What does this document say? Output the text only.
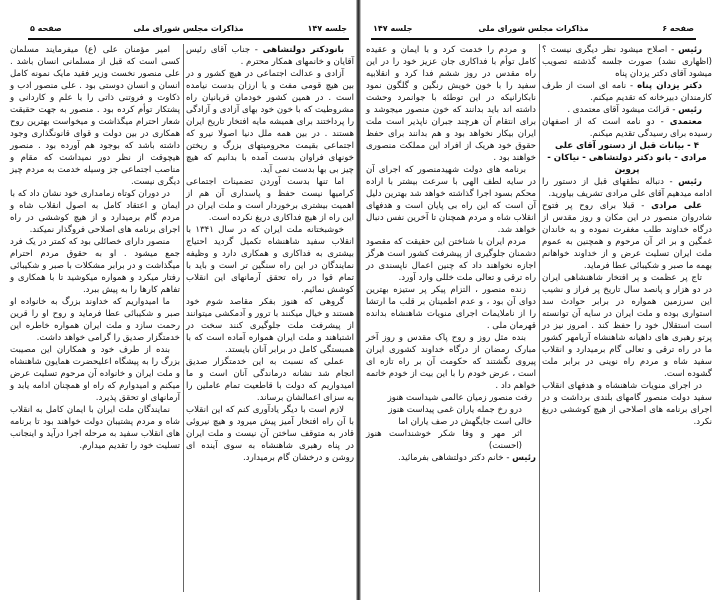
جلسه ۱۴۷
مذاکرات مجلس شورای ملی
صفحه ۵

بانودکتر دولتشاهی - جناب آقای رئیس آقایان و خانمهای همکار محترم .

آزادی و عدالت اجتماعی در هیچ کشور و در بین هیچ قومی مفت و یا ارزان بدست نیامده است . در همین کشور خودمان قربانیان راه مشروطیت که با خون خود بهای آزادی و آزادگی را پرداختند برای همیشه مایه افتخار تاریخ ایران هستند . در بین همه ملل دنیا اصولا نیرو که اجتماعی بقیمت محرومیتهای بزرگ و ریختن خونهای فراوان بدست آمده با بدانیم که هیچ چیز بی بها بدست نمی آید.

اما تنها بدست آوردن تضمینات اجتماعی کرامیها نیست حفظ و پاسداری آن هم از اهمیت بیشتری برخوردار است و ملت ایران در این راه از هیچ فداکاری دریغ نکرده است.

خوشبختانه ملت ایران که در سال ۱۳۴۱ با انقلاب سفید شاهنشاه تکمیل گردید احتیاج بیشتری به فداکاری و همکاری دارد و وظیفه نمایندگان در این راه سنگین تر است و باید با تمام قوا در راه تحقق آرمانهای این انقلاب کوشش نمائیم.

گروهی که هنوز بفکر مقاصد شوم خود هستند و خیال میکنند با ترور و آدمکشی میتوانند از پیشرفت ملت جلوگیری کنند سخت در اشتباهند و ملت ایران همواره آماده است که با همبستگی کامل در برابر آنان بایستد.

عملی که نسبت به این خدمتگزار صدیق انجام شد نشانه درماندگی آنان است و ما امیدواریم که دولت با قاطعیت تمام عاملین را به سزای اعمالشان برساند.

لازم است با دیگر یادآوری کنم که این انقلاب با آن راه افتخار آمیز پیش میرود و هیچ نیروئی قادر به متوقف ساختن آن نیست و ملت ایران در پناه رهبری شاهنشاه به سوی آینده ای روشن و درخشان گام برمیدارد.

امیر مؤمنان علی (ع) میفرمایند مسلمان کسی است که قبل از مسلمانی انسان باشد . علی منصور نخست وزیر فقید مایک نمونه کامل انسان و انسان دوستی بود . علی منصور ادب و ذکاوت و فروتنی ذاتی را با علم و کاردانی و پشتکار توأم کرده بود . منصور به جهت حقیقت شعار احترام میگذاشت و میخواست بهترین روح همکاری در بین دولت و قوای قانونگذاری وجود داشته باشد که بوجود هم آورده بود . منصور هیچوقت از نظر دور نمیداشت که مقام و مناصب اجتماعی جز وسیله خدمت به مردم چیز دیگری نیست.

در دوران کوتاه زمامداری خود نشان داد که با ایمان و اعتقاد کامل به اصول انقلاب شاه و مردم گام برمیدارد و از هیچ کوششی در راه اجرای برنامه های اصلاحی فروگذار نمیکند.

منصور دارای خصائلی بود که کمتر در یک فرد جمع میشود . او به حقوق مردم احترام میگذاشت و در برابر مشکلات با صبر و شکیبائی رفتار میکرد و همواره میکوشید تا با همکاری و تفاهم کارها را به پیش ببرد.

ما امیدواریم که خداوند بزرگ به خانواده او صبر و شکیبائی عطا فرماید و روح او را قرین رحمت سازد و ملت ایران همواره خاطره این خدمتگزار صدیق را گرامی خواهد داشت.

بنده از طرف خود و همکاران این مصیبت بزرگ را به پیشگاه اعلیحضرت همایون شاهنشاه و ملت ایران و خانواده آن مرحوم تسلیت عرض میکنم و امیدوارم که راه او همچنان ادامه یابد و آرمانهای او تحقق پذیرد.

نمایندگان ملت ایران با ایمان کامل به انقلاب شاه و مردم پشتیبان دولت خواهند بود تا برنامه های انقلاب سفید به مرحله اجرا درآید و اینجانب تسلیت خود را تقدیم میدارم.

صفحه ۶
مذاکرات مجلس شورای ملی
جلسه ۱۴۷

رئیس - اصلاح میشود نظر دیگری نیست ؟ (اظهاری نشد) صورت جلسه گذشته تصویب میشود آقای دکتر یزدان پناه

دکتر یزدان پناه - نامه ای است از طرف کارمندان دبیرخانه که تقدیم میکنم.

رئیس - قرائت میشود آقای معتمدی .

معتمدی - دو نامه است که از اصفهان رسیده برای رسیدگی تقدیم میکنم.

۴ - بیانات قبل از دستور آقای علی مرادی - بانو دکتر دولتشاهی - نیاکان - پروین

رئیس - دنباله نطقهای قبل از دستور را ادامه میدهیم آقای علی مرادی تشریف بیاورید.

علی مرادی - قبلا برای روح پر فتوح شادروان منصور در این مکان و روز مقدس از درگاه خداوند طلب مغفرت نموده و به خاندان غمگین و بر اثر آن مرحوم و همچنین به عموم ملت ایران تسلیت عرض و از خداوند خواهانم بهمه ما صبر و شکیبائی عطا فرماید.

تاج پر عظمت و پر افتخار شاهنشاهی ایران در دو هزار و پانصد سال تاریخ پر فراز و نشیب این سرزمین همواره در برابر حوادث سد استواری بوده و ملت ایران در سایه آن توانسته است استقلال خود را حفظ کند . امروز نیز در پرتو رهبری های داهیانه شاهنشاه آریامهر کشور ما در راه ترقی و تعالی گام برمیدارد و انقلاب سفید شاه و مردم راه نوینی در برابر ملت گشوده است.

در اجرای منویات شاهنشاه و هدفهای انقلاب سفید دولت منصور گامهای بلندی برداشت و در اجرای برنامه های اصلاحی از هیچ کوششی دریغ نکرد.

و مردم را خدمت کرد و با ایمان و عقیده کامل توأم با فداکاری جان عزیز خود را در این راه مقدس در روز ششم فدا کرد و انقلابیه سفید را با خون خویش رنگین و گلگون نمود نابکارانیکه در این توطئه با جوانمرد وحشت داشته اند باید بدانند که خون منصور میجوشد و برای انتقام آن هرچند جبران ناپذیر است ملت ایران بیکار نخواهد بود و هم بدانند برای حفظ حقوق خود هریک از افراد این مملکت منصوری خواهند بود .

برنامه های دولت شهیدمنصور که اجرای آن در سایه لطف الهی با سرعت بیشتر با اراده محکم بسود اجرا گذاشته خواهد شد بهترین دلیل آن است که این راه بی پایان است و هدفهای انقلاب شاه و مردم همچنان تا آخرین نفس دنبال خواهد شد.

مردم ایران با شناختن این حقیقت که مقصود دشمنان جلوگیری از پیشرفت کشور است هرگز اجازه نخواهند داد که چنین اعمال ناپسندی در راه ترقی و تعالی ملت خللی وارد آورد.

زنده منصور ، التزام پیکر پر ستیزه بهترین دوای آن بود ، و عدم اطمینان بر قلب ما ارتشا را از ناملایمات اجرای منویات شاهنشاه بدانده قهرمان ملی .

بنده مثل روز و روح پاک مقدس و روز آخر مبارک رمضان از درگاه خداوند کشوری ایران پیروی نگشتند که حکومت آن بر راه تازه ای است ، عرض خودم را با این بیت از خودم خاتمه خواهم داد .

رفت منصور زمیان عالمی شیداست هنوز
درو رخ جمله یاران غمی پیداست هنوز
خالی است جایگهش در صف یاران اما
اثر مهر و وفا شکر خوشنداست هنوز (احسنت)

رئیس - خانم دکتر دولتشاهی بفرمائید.
